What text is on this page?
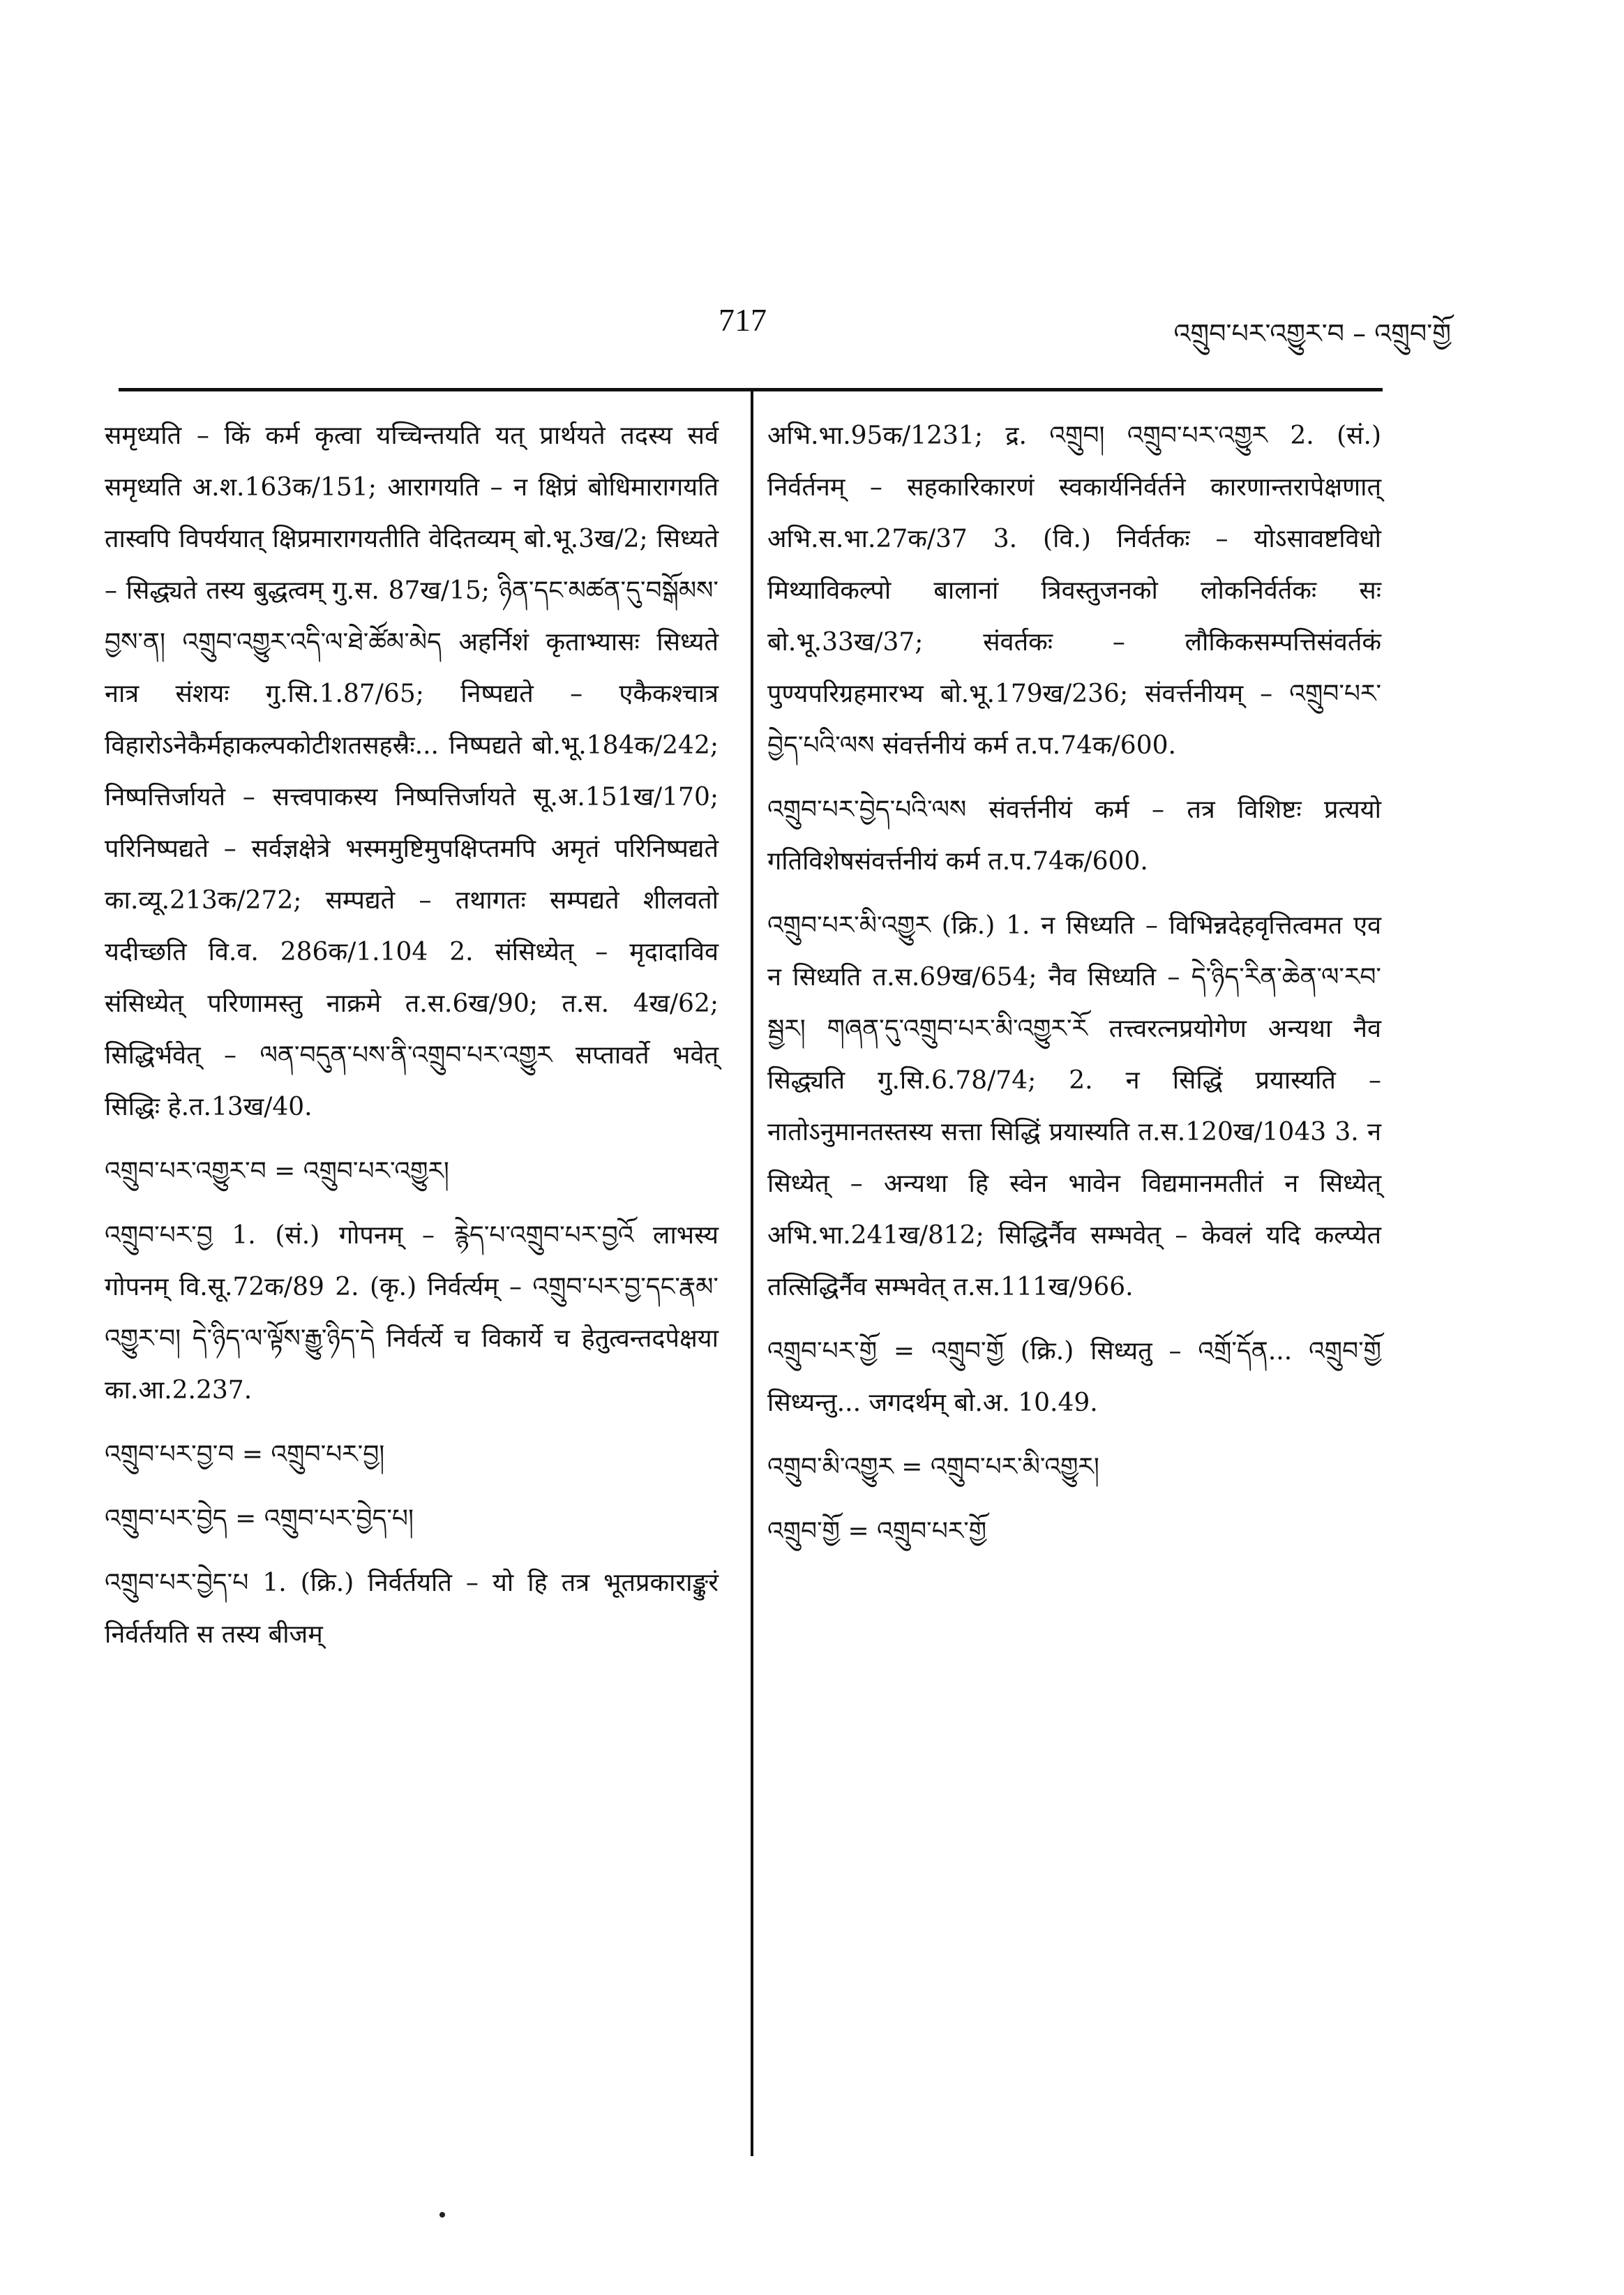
717	འགྲུབ་པར་འགྱུར་བ – འགྲུབ་གྱོ

समृध्यति – किं कर्म कृत्वा यच्चिन्तयति यत् प्रार्थयते तदस्य सर्व समृध्यति अ.श.163क/151; आरागयति – न क्षिप्रं बोधिमारागयति तास्वपि विपर्ययात् क्षिप्रमारागयतीति वेदितव्यम् बो.भू.3ख/2; सिध्यते – सिद्ध्यते तस्य बुद्धत्वम् गु.स. 87ख/15; ཉིན་དང་མཚན་དུ་བསྒོམས་བྱས་ན། འགྲུབ་འགྱུར་འདི་ལ་ཐེ་ཚོམ་མེད अहर्निशं कृताभ्यासः सिध्यते नात्र संशयः गु.सि.1.87/65; निष्पद्यते – एकैकश्चात्र विहारोऽनेकैर्महाकल्पकोटीशतसहस्रैः... निष्पद्यते बो.भू.184क/242; निष्पत्तिर्जायते – सत्त्वपाकस्य निष्पत्तिर्जायते सू.अ.151ख/170; परिनिष्पद्यते – सर्वज्ञक्षेत्रे भस्ममुष्टिमुपक्षिप्तमपि अमृतं परिनिष्पद्यते का.व्यू.213क/272; सम्पद्यते – तथागतः सम्पद्यते शीलवतो यदीच्छति वि.व. 286क/1.104 2. संसिध्येत् – मृदादाविव संसिध्येत् परिणामस्तु नाक्रमे त.स.6ख/90; त.स. 4ख/62; सिद्धिर्भवेत् – ལན་བདུན་པས་ནི་འགྲུབ་པར་འགྱུར सप्तावर्ते भवेत् सिद्धिः हे.त.13ख/40.

འགྲུབ་པར་འགྱུར་བ = འགྲུབ་པར་འགྱུར།

འགྲུབ་པར་བྱ 1. (सं.) गोपनम् – རྙེད་པ་འགྲུབ་པར་བྱའོ लाभस्य गोपनम् वि.सू.72क/89 2. (कृ.) निर्वर्त्यम् – འགྲུབ་པར་བྱ་དང་རྣམ་འགྱུར་བ། དེ་ཉིད་ལ་ལྟོས་རྒྱུ་ཉིད་དེ निर्वर्त्ये च विकार्ये च हेतुत्वन्तदपेक्षया का.आ.2.237.

འགྲུབ་པར་བྱ་བ = འགྲུབ་པར་བྱ།

འགྲུབ་པར་བྱེད = འགྲུབ་པར་བྱེད་པ།

འགྲུབ་པར་བྱེད་པ 1. (क्रि.) निर्वर्तयति – यो हि तत्र भूतप्रकाराङ्कुरं निर्वर्तयति स तस्य बीजम्

अभि.भा.95क/1231; द्र. འགྲུབ། འགྲུབ་པར་འགྱུར 2. (सं.) निर्वर्तनम् – सहकारिकारणं स्वकार्यनिर्वर्तने कारणान्तरापेक्षणात् अभि.स.भा.27क/37 3. (वि.) निर्वर्तकः – योऽसावष्टविधो मिथ्याविकल्पो बालानां त्रिवस्तुजनको लोकनिर्वर्तकः सः बो.भू.33ख/37; संवर्तकः – लौकिकसम्पत्तिसंवर्तकं पुण्यपरिग्रहमारभ्य बो.भू.179ख/236; संवर्त्तनीयम् – འགྲུབ་པར་བྱེད་པའི་ལས संवर्त्तनीयं कर्म त.प.74क/600.

འགྲུབ་པར་བྱེད་པའི་ལས संवर्त्तनीयं कर्म – तत्र विशिष्टः प्रत्ययो गतिविशेषसंवर्त्तनीयं कर्म त.प.74क/600.

འགྲུབ་པར་མི་འགྱུར (क्रि.) 1. न सिध्यति – विभिन्नदेहवृत्तित्वमत एव न सिध्यति त.स.69ख/654; नैव सिध्यति – དེ་ཉིད་རིན་ཆེན་ལ་རབ་སྦྱར། གཞན་དུ་འགྲུབ་པར་མི་འགྱུར་རོ तत्त्वरत्नप्रयोगेण अन्यथा नैव सिद्ध्यति गु.सि.6.78/74; 2. न सिद्धिं प्रयास्यति – नातोऽनुमानतस्तस्य सत्ता सिद्धिं प्रयास्यति त.स.120ख/1043 3. न सिध्येत् – अन्यथा हि स्वेन भावेन विद्यमानमतीतं न सिध्येत् अभि.भा.241ख/812; सिद्धिर्नैव सम्भवेत् – केवलं यदि कल्प्येत तत्सिद्धिर्नैव सम्भवेत् त.स.111ख/966.

འགྲུབ་པར་གྱོ = འགྲུབ་གྱོ (क्रि.) सिध्यतु – འགྲོ་དོན... འགྲུབ་གྱོ सिध्यन्तु... जगदर्थम् बो.अ. 10.49.

འགྲུབ་མི་འགྱུར = འགྲུབ་པར་མི་འགྱུར།

འགྲུབ་གྱོ = འགྲུབ་པར་གྱོ
